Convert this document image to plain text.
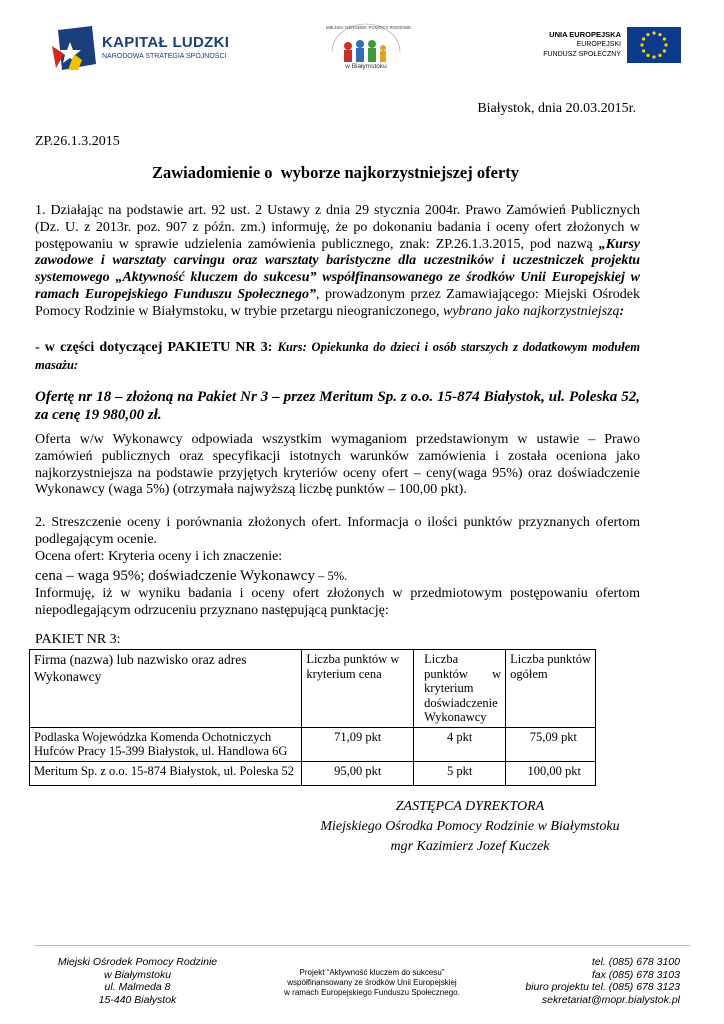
KAPITAŁ LUDZKI
NARODOWA STRATEGIA SPÓJNOŚCI
MIEJSKI OŚRODEK POMOCY RODZINIE
w Białymstoku
UNIA EUROPEJSKA
EUROPEJSKI
FUNDUSZ SPOŁECZNY
Białystok, dnia 20.03.2015r.
ZP.26.1.3.2015
Zawiadomienie o  wyborze najkorzystniejszej oferty
1. Działając na podstawie art. 92 ust. 2 Ustawy z dnia 29 stycznia 2004r. Prawo Zamówień Publicznych (Dz. U. z 2013r. poz. 907 z późn. zm.) informuję, że po dokonaniu badania i oceny ofert złożonych w postępowaniu w sprawie udzielenia zamówienia publicznego, znak: ZP.26.1.3.2015, pod nazwą „Kursy zawodowe i warsztaty carvingu oraz warsztaty baristyczne dla uczestników i uczestniczek projektu systemowego „Aktywność kluczem do sukcesu” współfinansowanego ze środków Unii Europejskiej w ramach Europejskiego Funduszu Społecznego”, prowadzonym przez Zamawiającego: Miejski Ośrodek Pomocy Rodzinie w Białymstoku, w trybie przetargu nieograniczonego, wybrano jako najkorzystniejszą:
- w części dotyczącej PAKIETU NR 3: Kurs: Opiekunka do dzieci i osób starszych z dodatkowym modułem masażu:
Ofertę nr 18 – złożoną na Pakiet Nr 3 – przez Meritum Sp. z o.o. 15-874 Białystok, ul. Poleska 52, za cenę 19 980,00 zł.
Oferta w/w Wykonawcy odpowiada wszystkim wymaganiom przedstawionym w ustawie – Prawo zamówień publicznych oraz specyfikacji istotnych warunków zamówienia i została oceniona jako najkorzystniejsza na podstawie przyjętych kryteriów oceny ofert – ceny(waga 95%) oraz doświadczenie Wykonawcy (waga 5%) (otrzymała najwyższą liczbę punktów – 100,00 pkt).
2. Streszczenie oceny i porównania złożonych ofert. Informacja o ilości punktów przyznanych ofertom podlegającym ocenie.
Ocena ofert: Kryteria oceny i ich znaczenie:
cena – waga 95%; doświadczenie Wykonawcy – 5%.
Informuję, iż w wyniku badania i oceny ofert złożonych w przedmiotowym postępowaniu ofertom niepodlegającym odrzuceniu przyznano następującą punktację:
PAKIET NR 3:
Firma (nazwa) lub nazwisko oraz adres Wykonawcy	Liczba punktów w kryterium cena	Liczba punktów w kryterium doświadczenie Wykonawcy	Liczba punktów ogółem
Podlaska Wojewódzka Komenda Ochotniczych Hufców Pracy 15-399 Białystok, ul. Handlowa 6G	71,09 pkt	4 pkt	75,09 pkt
Meritum Sp. z o.o. 15-874 Białystok, ul. Poleska 52	95,00 pkt	5 pkt	100,00 pkt
ZASTĘPCA DYREKTORA
Miejskiego Ośrodka Pomocy Rodzinie w Białymstoku
mgr Kazimierz Jozef Kuczek
Miejski Ośrodek Pomocy Rodzinie
w Białymstoku
ul. Malmeda 8
15-440 Białystok
Projekt “Aktywność kluczem do sukcesu”
współfinansowany ze środków Unii Europejskiej
w ramach Europejskiego Funduszu Społecznego.
tel. (085) 678 3100
fax (085) 678 3103
biuro projektu tel. (085) 678 3123
sekretariat@mopr.bialystok.pl
